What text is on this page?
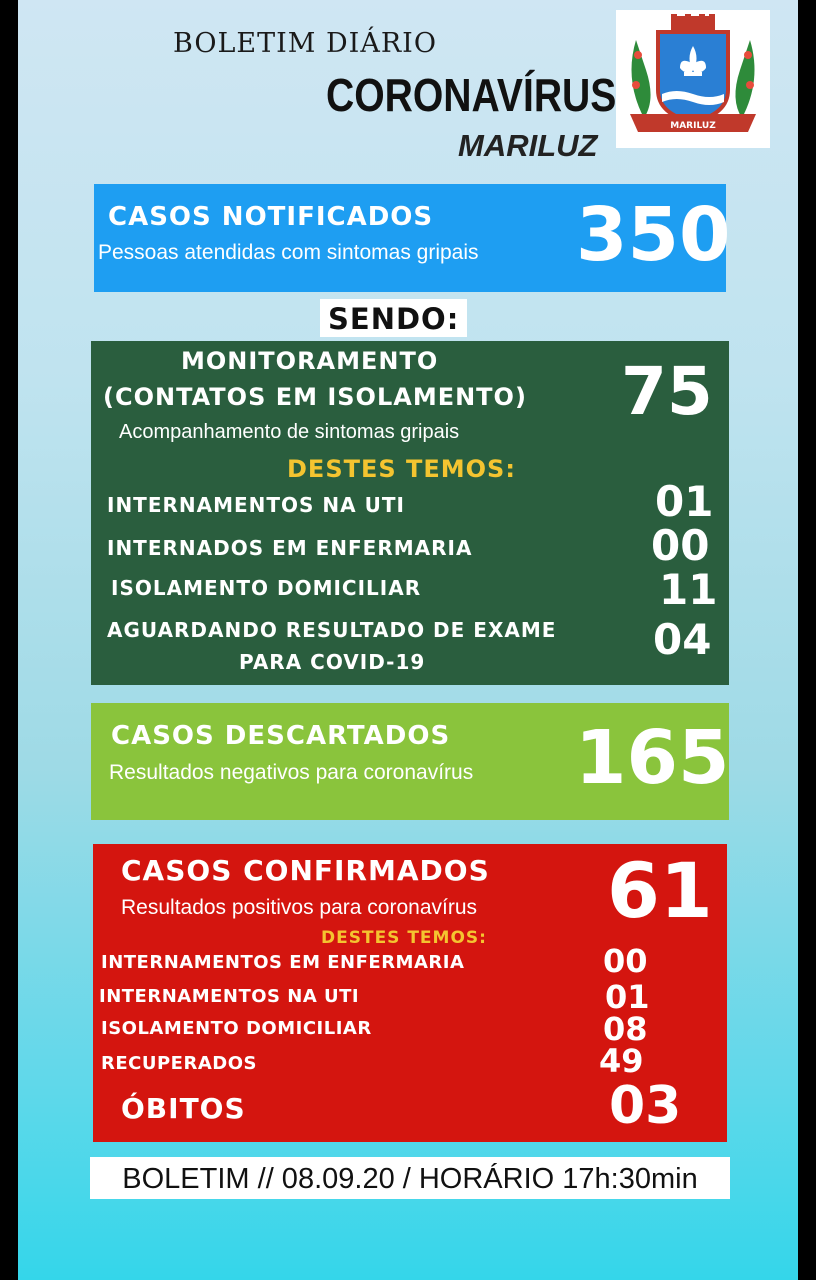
BOLETIM DIÁRIO
CORONAVÍRUS
MARILUZ
MARILUZ
CASOS NOTIFICADOS
Pessoas atendidas com sintomas gripais 350
SENDO:
MONITORAMENTO
(CONTATOS EM ISOLAMENTO)
Acompanhamento de sintomas gripais
75
DESTES TEMOS:
INTERNAMENTOS NA UTI	01
INTERNADOS EM ENFERMARIA	00
ISOLAMENTO DOMICILIAR	11
AGUARDANDO RESULTADO DE EXAME
PARA COVID-19	04
CASOS DESCARTADOS
Resultados negativos para coronavírus 165
CASOS CONFIRMADOS
Resultados positivos para coronavírus 61
DESTES TEMOS:
INTERNAMENTOS EM ENFERMARIA	00
INTERNAMENTOS NA UTI	01
ISOLAMENTO DOMICILIAR	08
RECUPERADOS	49
ÓBITOS	03
BOLETIM // 08.09.20 / HORÁRIO 17h:30min
